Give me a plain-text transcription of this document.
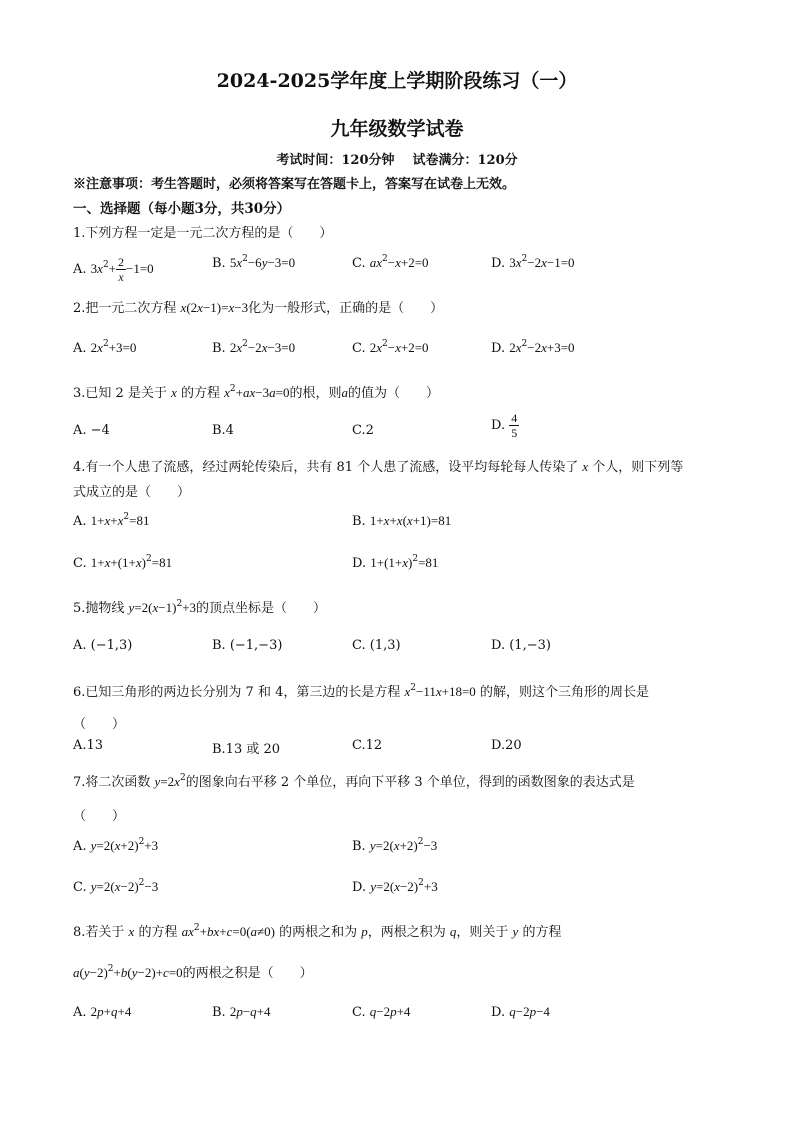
2024-2025学年度上学期阶段练习（一）
九年级数学试卷
考试时间：120分钟 试卷满分：120分
※注意事项：考生答题时，必须将答案写在答题卡上，答案写在试卷上无效。
一、选择题（每小题3分，共30分）
1.下列方程一定是一元二次方程的是（　　）
A. $3x^2+ \frac{2}{x} -1=0$	B. $5x^2-6y-3=0$	C. $ax^2-x+2=0$	D. $3x^2-2x-1=0$
2.把一元二次方程 x(2x−1)=x−3化为一般形式，正确的是（　　）
A. $2x^2+3=0$	B. $2x^2-2x-3=0$	C. $2x^2-x+2=0$	D. $2x^2-2x+3=0$
3.已知 2 是关于 x 的方程 $x^2+ax-3a=0$的根，则a的值为（　　）
A. −4	B.4	C.2	D. $\frac{4}{5}$
4.有一个人患了流感，经过两轮传染后，共有 81 个人患了流感，设平均每轮每人传染了 x 个人，则下列等
式成立的是（　　）
A. $1+x+x^2=81$	B. 1+x+x(x+1)=81
C. $1+x+(1+x)^2=81$	D. $1+(1+x)^2=81$
5.抛物线 $y=2(x-1)^2+3$的顶点坐标是（　　）
A. (−1,3)	B. (−1,−3)	C. (1,3)	D. (1,−3)
6.已知三角形的两边长分别为 7 和 4，第三边的长是方程 $x^2-11x+18=0$ 的解，则这个三角形的周长是
（　　）
A.13	B.13 或 20	C.12	D.20
7.将二次函数 $y=2x^2$的图象向右平移 2 个单位，再向下平移 3 个单位，得到的函数图象的表达式是
（　　）
A. $y=2(x+2)^2+3$	B. $y=2(x+2)^2-3$
C. $y=2(x-2)^2-3$	D. $y=2(x-2)^2+3$
8.若关于 x 的方程 $ax^2+bx+c=0(a\ne 0)$ 的两根之和为 p，两根之积为 q，则关于 y 的方程
$a(y-2)^2+b(y-2)+c=0$的两根之积是（　　）
A. 2p+q+4	B. 2p−q+4	C. q−2p+4	D. q−2p−4
